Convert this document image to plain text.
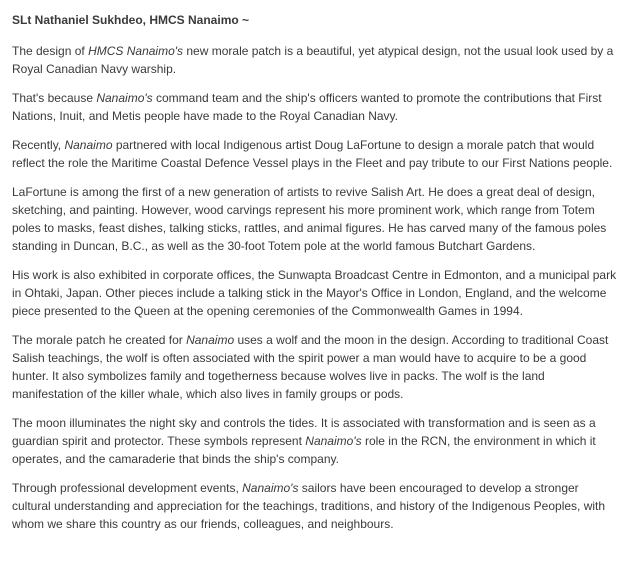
SLt Nathaniel Sukhdeo, HMCS Nanaimo ~

The design of HMCS Nanaimo's new morale patch is a beautiful, yet atypical design, not the usual look used by a Royal Canadian Navy warship.

That's because Nanaimo's command team and the ship's officers wanted to promote the contributions that First Nations, Inuit, and Metis people have made to the Royal Canadian Navy.

Recently, Nanaimo partnered with local Indigenous artist Doug LaFortune to design a morale patch that would reflect the role the Maritime Coastal Defence Vessel plays in the Fleet and pay tribute to our First Nations people.

LaFortune is among the first of a new generation of artists to revive Salish Art. He does a great deal of design, sketching, and painting. However, wood carvings represent his more prominent work, which range from Totem poles to masks, feast dishes, talking sticks, rattles, and animal figures. He has carved many of the famous poles standing in Duncan, B.C., as well as the 30-foot Totem pole at the world famous Butchart Gardens.

His work is also exhibited in corporate offices, the Sunwapta Broadcast Centre in Edmonton, and a municipal park in Ohtaki, Japan. Other pieces include a talking stick in the Mayor's Office in London, England, and the welcome piece presented to the Queen at the opening ceremonies of the Commonwealth Games in 1994.

The morale patch he created for Nanaimo uses a wolf and the moon in the design. According to traditional Coast Salish teachings, the wolf is often associated with the spirit power a man would have to acquire to be a good hunter. It also symbolizes family and togetherness because wolves live in packs. The wolf is the land manifestation of the killer whale, which also lives in family groups or pods.

The moon illuminates the night sky and controls the tides. It is associated with transformation and is seen as a guardian spirit and protector. These symbols represent Nanaimo's role in the RCN, the environment in which it operates, and the camaraderie that binds the ship's company.

Through professional development events, Nanaimo's sailors have been encouraged to develop a stronger cultural understanding and appreciation for the teachings, traditions, and history of the Indigenous Peoples, with whom we share this country as our friends, colleagues, and neighbours.
